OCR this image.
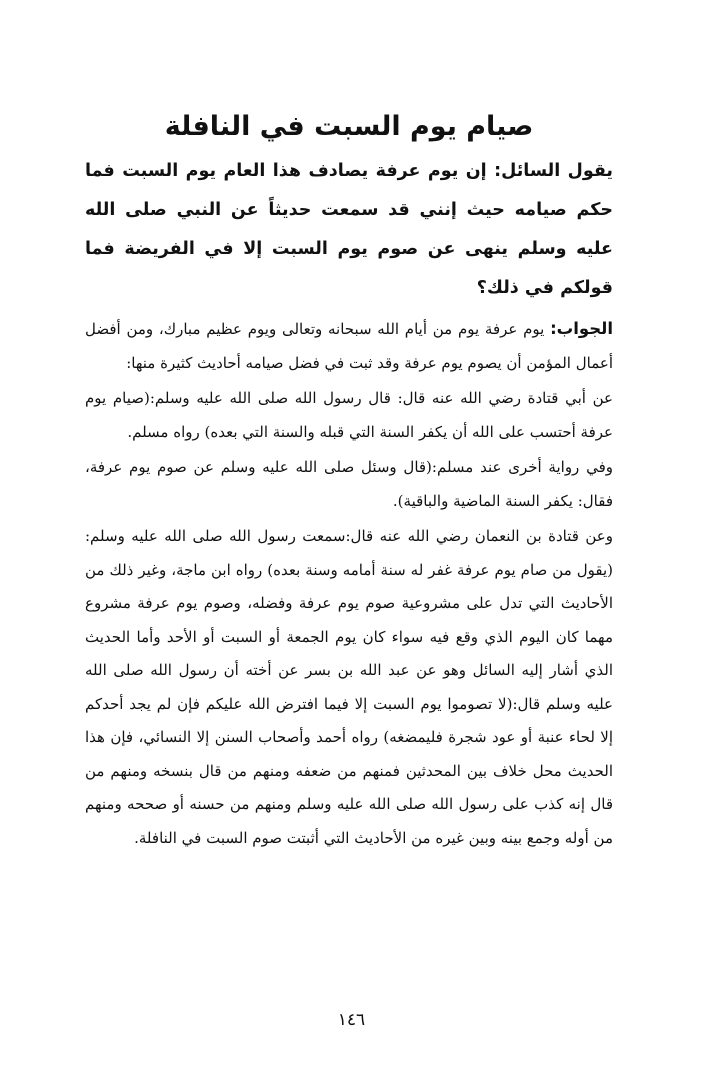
صيام يوم السبت في النافلة

يقول السائل: إن يوم عرفة يصادف هذا العام يوم السبت فما حكم صيامه حيث إنني قد سمعت حديثاً عن النبي صلى الله عليه وسلم ينهى عن صوم يوم السبت إلا في الفريضة فما قولكم في ذلك؟

الجواب: يوم عرفة يوم من أيام الله سبحانه وتعالى ويوم عظيم مبارك، ومن أفضل أعمال المؤمن أن يصوم يوم عرفة وقد ثبت في فضل صيامه أحاديث كثيرة منها:

عن أبي قتادة رضي الله عنه قال: قال رسول الله صلى الله عليه وسلم:(صيام يوم عرفة أحتسب على الله أن يكفر السنة التي قبله والسنة التي بعده) رواه مسلم.

وفي رواية أخرى عند مسلم:(قال وسئل صلى الله عليه وسلم عن صوم يوم عرفة، فقال: يكفر السنة الماضية والباقية).

وعن قتادة بن النعمان رضي الله عنه قال:سمعت رسول الله صلى الله عليه وسلم:(يقول من صام يوم عرفة غفر له سنة أمامه وسنة بعده) رواه ابن ماجة، وغير ذلك من الأحاديث التي تدل على مشروعية صوم يوم عرفة وفضله، وصوم يوم عرفة مشروع مهما كان اليوم الذي وقع فيه سواء كان يوم الجمعة أو السبت أو الأحد وأما الحديث الذي أشار إليه السائل وهو عن عبد الله بن بسر عن أخته أن رسول الله صلى الله عليه وسلم قال:(لا تصوموا يوم السبت إلا فيما افترض الله عليكم فإن لم يجد أحدكم إلا لحاء عنبة أو عود شجرة فليمضغه) رواه أحمد وأصحاب السنن إلا النسائي، فإن هذا الحديث محل خلاف بين المحدثين فمنهم من ضعفه ومنهم من قال بنسخه ومنهم من قال إنه كذب على رسول الله صلى الله عليه وسلم ومنهم من حسنه أو صححه ومنهم من أوله وجمع بينه وبين غيره من الأحاديث التي أثبتت صوم السبت في النافلة.

١٤٦
